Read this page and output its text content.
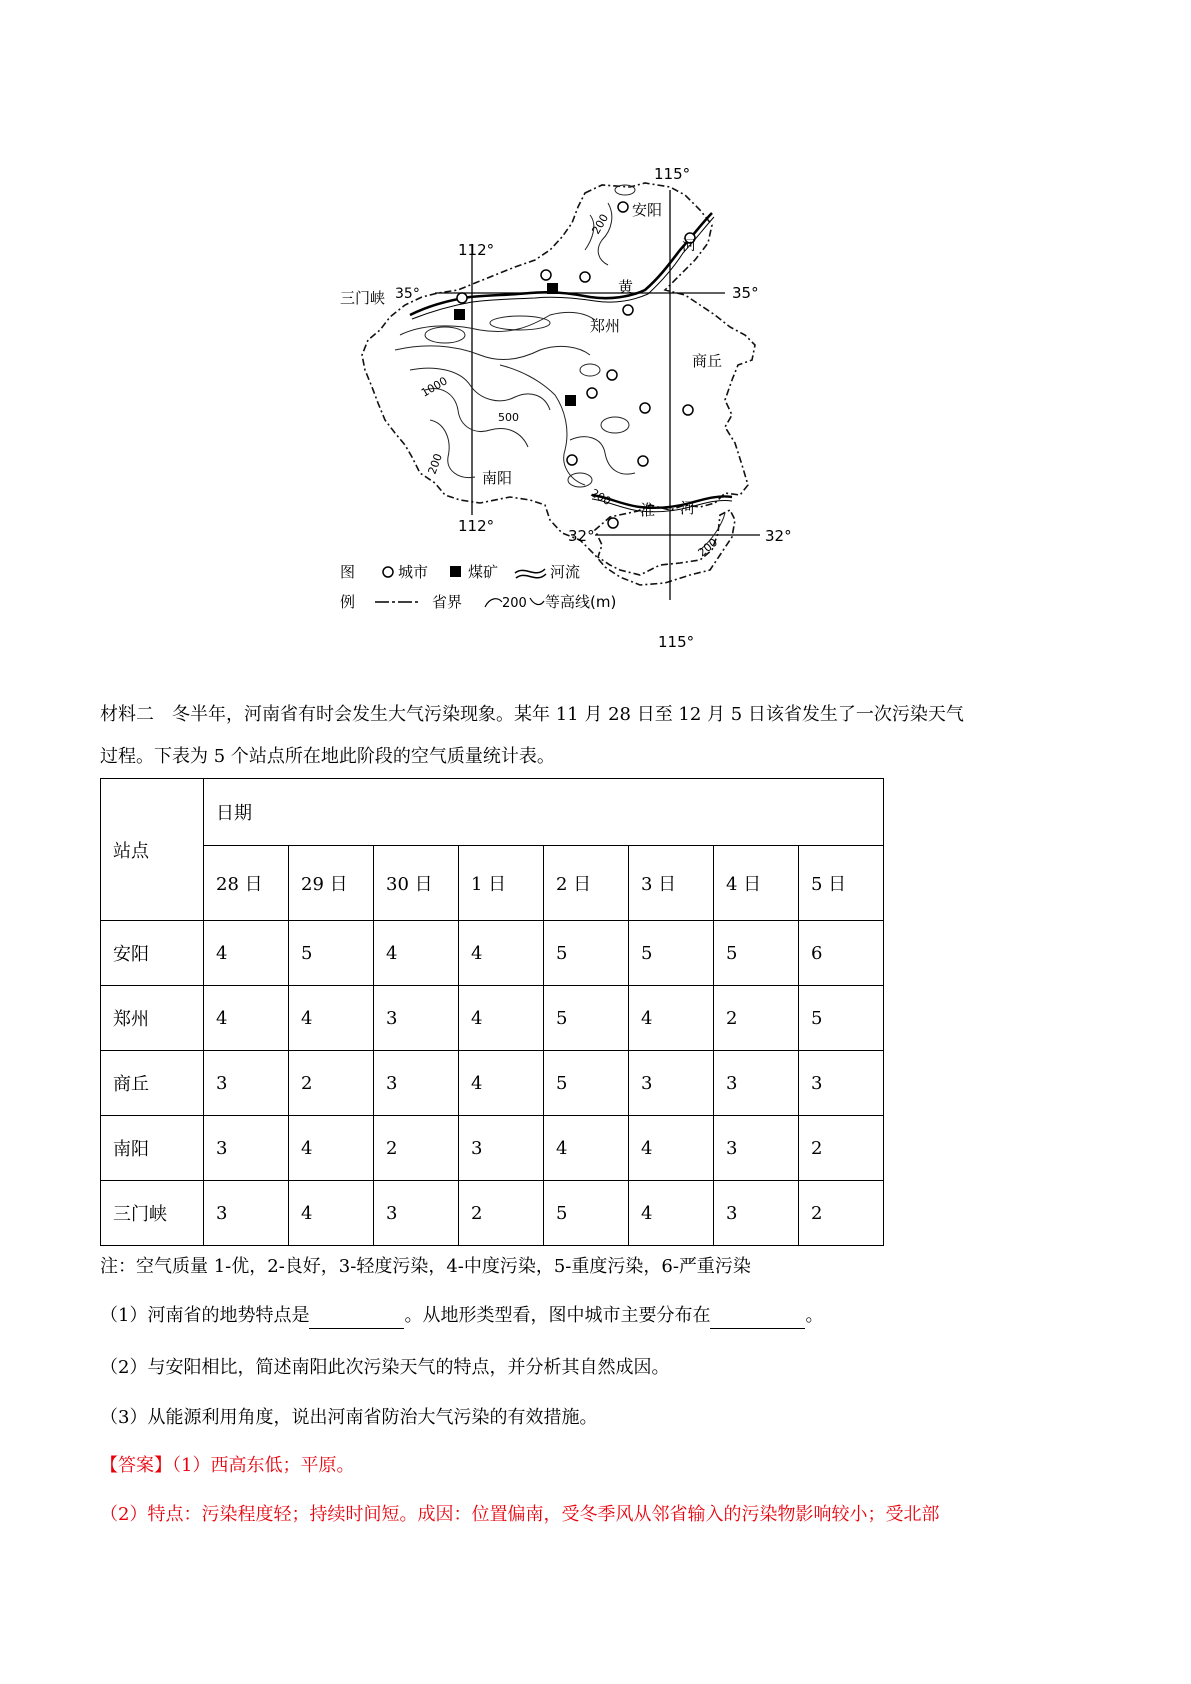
115°
115°
112°
112°
35°	35°
32°	32°
安阳
郑州
商丘
南阳
三门峡
黄
河
淮 河
200
500
1000
200
200
200
图
例
城市	煤矿	河流
省界	200 等高线(m)

材料二　冬半年，河南省有时会发生大气污染现象。某年 11 月 28 日至 12 月 5 日该省发生了一次污染天气

过程。下表为 5 个站点所在地此阶段的空气质量统计表。

站点	日期							
	28 日	29 日	30 日	1 日	2 日	3 日	4 日	5 日
安阳	4	5	4	4	5	5	5	6
郑州	4	4	3	4	5	4	2	5
商丘	3	2	3	4	5	3	3	3
南阳	3	4	2	3	4	4	3	2
三门峡	3	4	3	2	5	4	3	2

注：空气质量 1-优，2-良好，3-轻度污染，4-中度污染，5-重度污染，6-严重污染

（1）河南省的地势特点是	。从地形类型看，图中城市主要分布在	。

（2）与安阳相比，简述南阳此次污染天气的特点，并分析其自然成因。

（3）从能源利用角度，说出河南省防治大气污染的有效措施。

【答案】（1）西高东低；平原。

（2）特点：污染程度轻；持续时间短。成因：位置偏南，受冬季风从邻省输入的污染物影响较小；受北部
